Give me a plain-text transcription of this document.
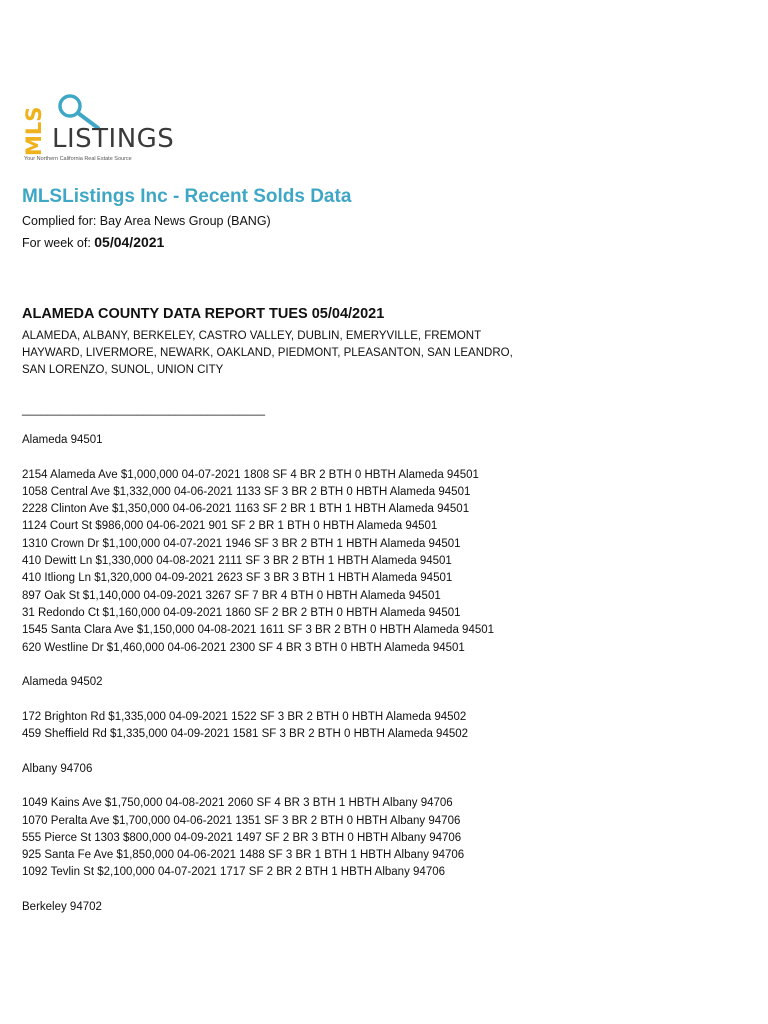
MLS LISTINGS
Your Northern California Real Estate Source
MLSListings Inc - Recent Solds Data
Complied for: Bay Area News Group (BANG)
For week of: 05/04/2021
ALAMEDA COUNTY DATA REPORT TUES 05/04/2021
ALAMEDA, ALBANY, BERKELEY, CASTRO VALLEY, DUBLIN, EMERYVILLE, FREMONT
HAYWARD, LIVERMORE, NEWARK, OAKLAND, PIEDMONT, PLEASANTON, SAN LEANDRO,
SAN LORENZO, SUNOL, UNION CITY
______________________________________
Alameda 94501
2154 Alameda Ave $1,000,000 04-07-2021 1808 SF 4 BR 2 BTH 0 HBTH Alameda 94501
1058 Central Ave $1,332,000 04-06-2021 1133 SF 3 BR 2 BTH 0 HBTH Alameda 94501
2228 Clinton Ave $1,350,000 04-06-2021 1163 SF 2 BR 1 BTH 1 HBTH Alameda 94501
1124 Court St $986,000 04-06-2021 901 SF 2 BR 1 BTH 0 HBTH Alameda 94501
1310 Crown Dr $1,100,000 04-07-2021 1946 SF 3 BR 2 BTH 1 HBTH Alameda 94501
410 Dewitt Ln $1,330,000 04-08-2021 2111 SF 3 BR 2 BTH 1 HBTH Alameda 94501
410 Itliong Ln $1,320,000 04-09-2021 2623 SF 3 BR 3 BTH 1 HBTH Alameda 94501
897 Oak St $1,140,000 04-09-2021 3267 SF 7 BR 4 BTH 0 HBTH Alameda 94501
31 Redondo Ct $1,160,000 04-09-2021 1860 SF 2 BR 2 BTH 0 HBTH Alameda 94501
1545 Santa Clara Ave $1,150,000 04-08-2021 1611 SF 3 BR 2 BTH 0 HBTH Alameda 94501
620 Westline Dr $1,460,000 04-06-2021 2300 SF 4 BR 3 BTH 0 HBTH Alameda 94501
Alameda 94502
172 Brighton Rd $1,335,000 04-09-2021 1522 SF 3 BR 2 BTH 0 HBTH Alameda 94502
459 Sheffield Rd $1,335,000 04-09-2021 1581 SF 3 BR 2 BTH 0 HBTH Alameda 94502
Albany 94706
1049 Kains Ave $1,750,000 04-08-2021 2060 SF 4 BR 3 BTH 1 HBTH Albany 94706
1070 Peralta Ave $1,700,000 04-06-2021 1351 SF 3 BR 2 BTH 0 HBTH Albany 94706
555 Pierce St 1303 $800,000 04-09-2021 1497 SF 2 BR 3 BTH 0 HBTH Albany 94706
925 Santa Fe Ave $1,850,000 04-06-2021 1488 SF 3 BR 1 BTH 1 HBTH Albany 94706
1092 Tevlin St $2,100,000 04-07-2021 1717 SF 2 BR 2 BTH 1 HBTH Albany 94706
Berkeley 94702
